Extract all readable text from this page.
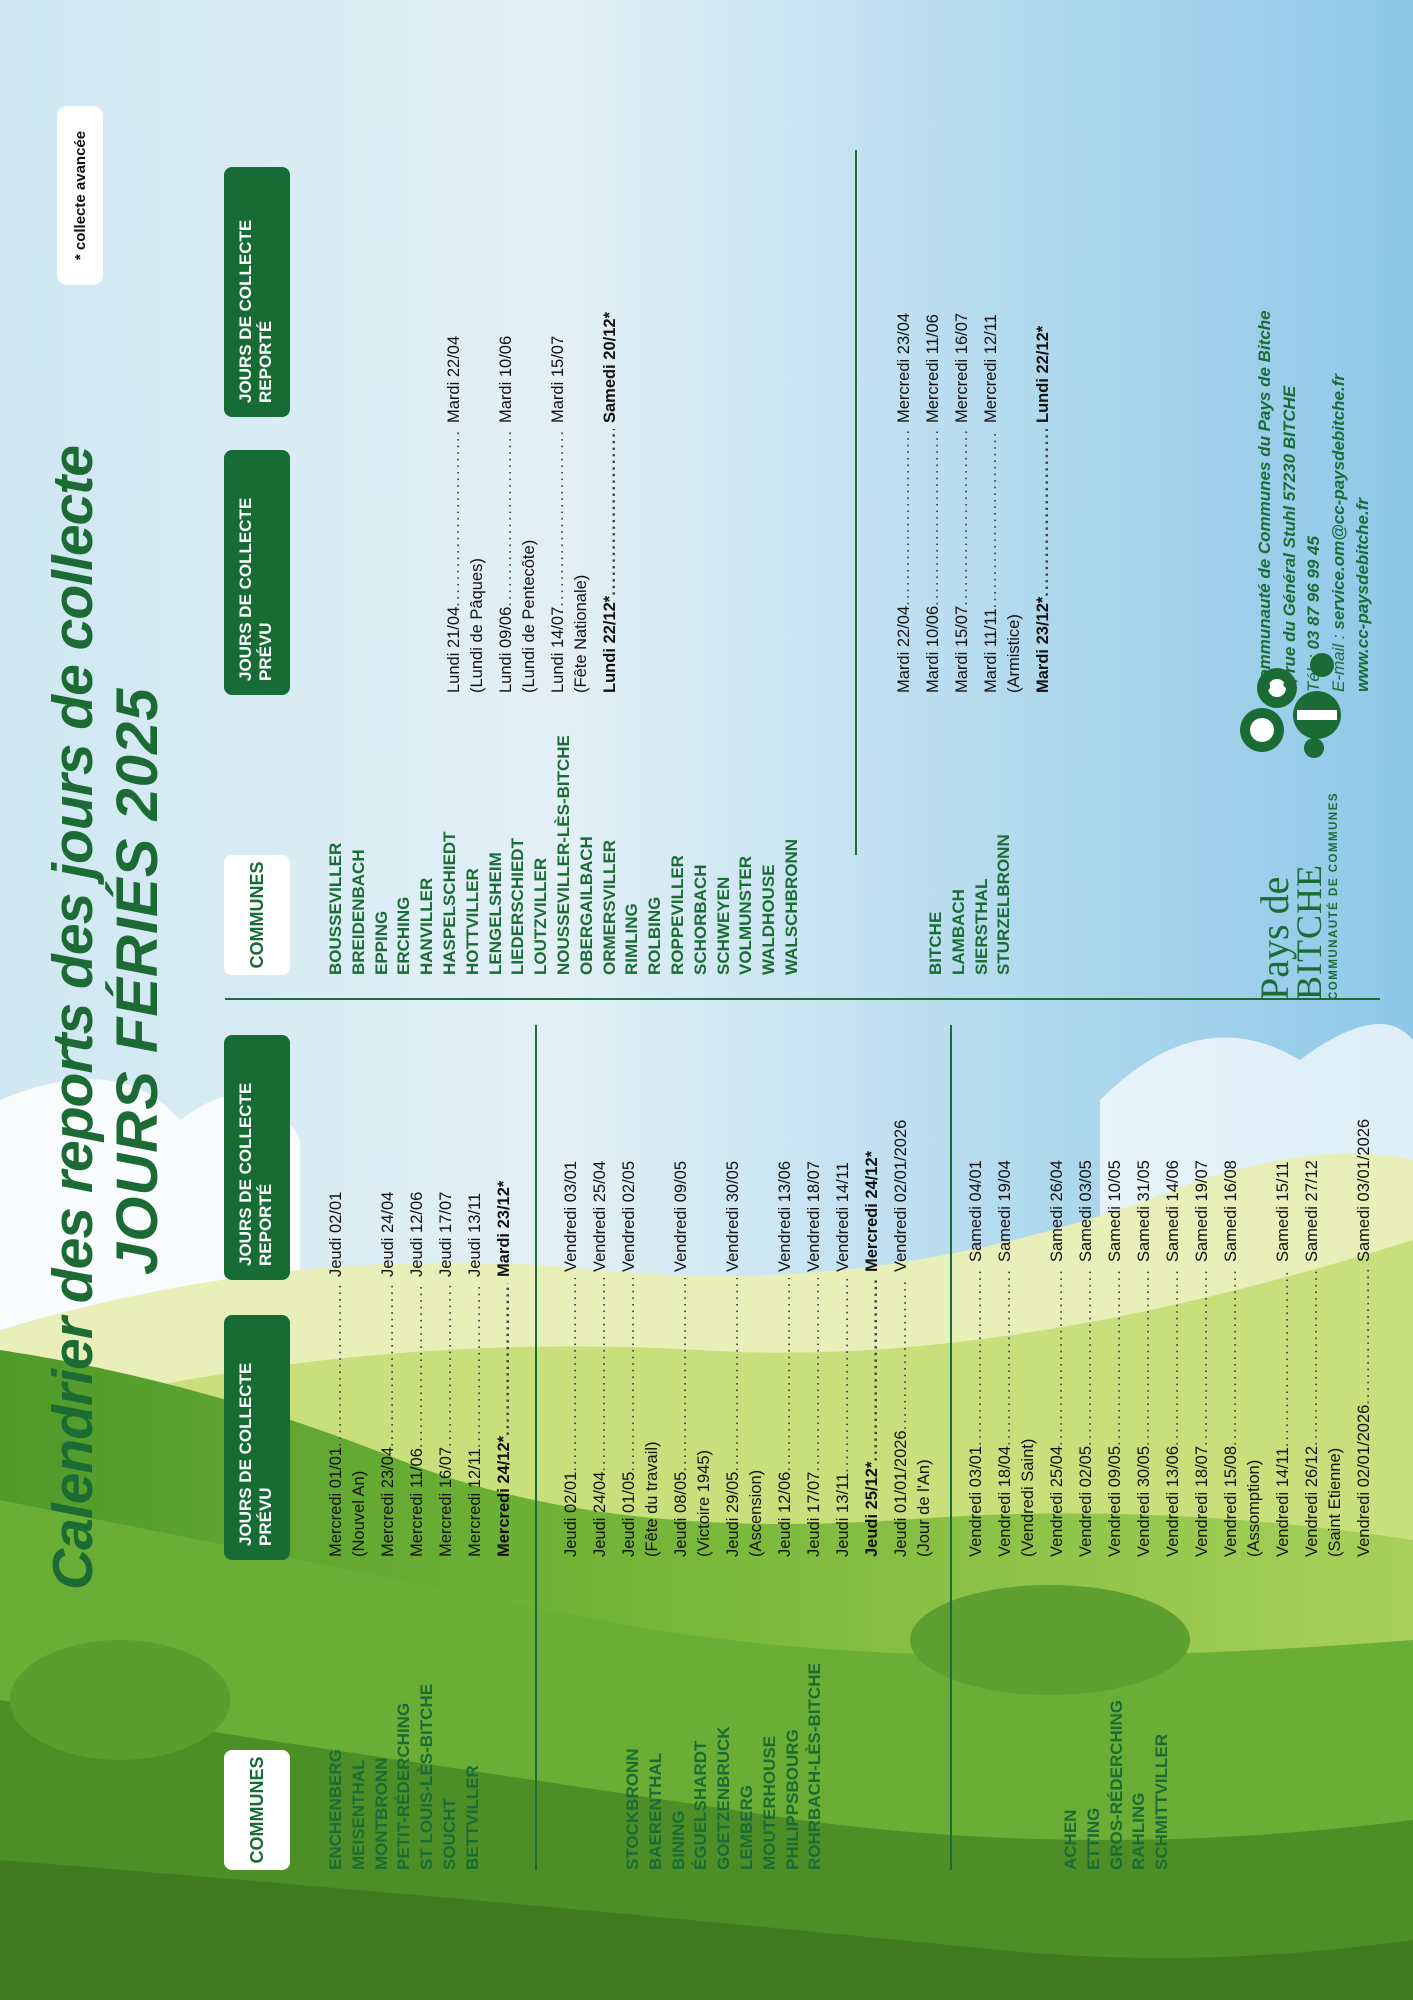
Calendrier des reports des jours de collecte JOURS FÉRIÉS 2025
* collecte avancée
COMMUNES
JOURS DE COLLECTE PRÉVU
JOURS DE COLLECTE REPORTÉ
COMMUNES
JOURS DE COLLECTE PRÉVU
JOURS DE COLLECTE REPORTÉ
ENCHENBERG MEISENTHAL MONTBRONN PETIT-RÉDERCHING ST LOUIS-LÈS-BITCHE SOUCHT BETTVILLER
Mercredi 01/01
.....
Jeudi 02/01
(Nouvel An) Mercredi 23/04
.....
Jeudi 24/04
Mercredi 11/06
.....
Jeudi 12/06
Mercredi 16/07
.....
Jeudi 17/07
Mercredi 12/11
.....
Jeudi 13/11
Mercredi 24/12*
.....
Mardi 23/12*
STOCKBRONN BAERENTHAL BINING ÉGUELSHARDT GOETZENBRUCK LEMBERG MOUTERHOUSE PHILIPPSBOURG ROHRBACH-LÈS-BITCHE
Jeudi 02/01
.....
Vendredi 03/01
Jeudi 24/04
.....
Vendredi 25/04
Jeudi 01/05
.....
Vendredi 02/05
(Fête du travail) Jeudi 08/05
.....
Vendredi 09/05
(Victoire 1945) Jeudi 29/05
.....
Vendredi 30/05
(Ascension) Jeudi 12/06
.....
Vendredi 13/06
Jeudi 17/07
.....
Vendredi 18/07
Jeudi 13/11
.....
Vendredi 14/11
Jeudi 25/12*
.....
Mercredi 24/12*
Jeudi 01/01/2026
.....
Vendredi 02/01/2026
(Jour de l'An)
ACHEN ETTING GROS-RÉDERCHING RAHLING SCHMITTVILLER
Vendredi 03/01
.....
Samedi 04/01
Vendredi 18/04
.....
Samedi 19/04
(Vendredi Saint) Vendredi 25/04
.....
Samedi 26/04
Vendredi 02/05
.....
Samedi 03/05
Vendredi 09/05
.....
Samedi 10/05
Vendredi 30/05
.....
Samedi 31/05
Vendredi 13/06
.....
Samedi 14/06
Vendredi 18/07
.....
Samedi 19/07
Vendredi 15/08
.....
Samedi 16/08
(Assomption) Vendredi 14/11
.....
Samedi 15/11
Vendredi 26/12
.....
Samedi 27/12
(Saint Etienne) Vendredi 02/01/2026
.....
Samedi 03/01/2026
BOUSSEVILLER BREIDENBACH EPPING ERCHING HANVILLER HASPELSCHIEDT HOTTVILLER LENGELSHEIM LIEDERSCHIEDT LOUTZVILLER NOUSSEVILLER-LÈS-BITCHE OBERGAILBACH ORMERSVILLER RIMLING ROLBING ROPPEVILLER SCHORBACH SCHWEYEN VOLMUNSTER WALDHOUSE WALSCHBRONN
Lundi 21/04
.....
Mardi 22/04
(Lundi de Pâques) Lundi 09/06
.....
Mardi 10/06
(Lundi de Pentecôte) Lundi 14/07
.....
Mardi 15/07
(Fête Nationale) Lundi 22/12*
.....
Samedi 20/12*
BITCHE LAMBACH SIERSTHAL STURZELBRONN
Mardi 22/04
.....
Mercredi 23/04
Mardi 10/06
.....
Mercredi 11/06
Mardi 15/07
.....
Mercredi 16/07
Mardi 11/11
.....
Mercredi 12/11
(Armistice) Mardi 23/12*
.....
Lundi 22/12*
Pays de
BITCHE COMMUNAUTÉ DE COMMUNES
Communauté de Communes du Pays de Bitche 4, rue du Général Stuhl 57230 BITCHE Tél. : 03 87 96 99 45
E-mail : service.om@cc-paysdebitche.fr www.cc-paysdebitche.fr
